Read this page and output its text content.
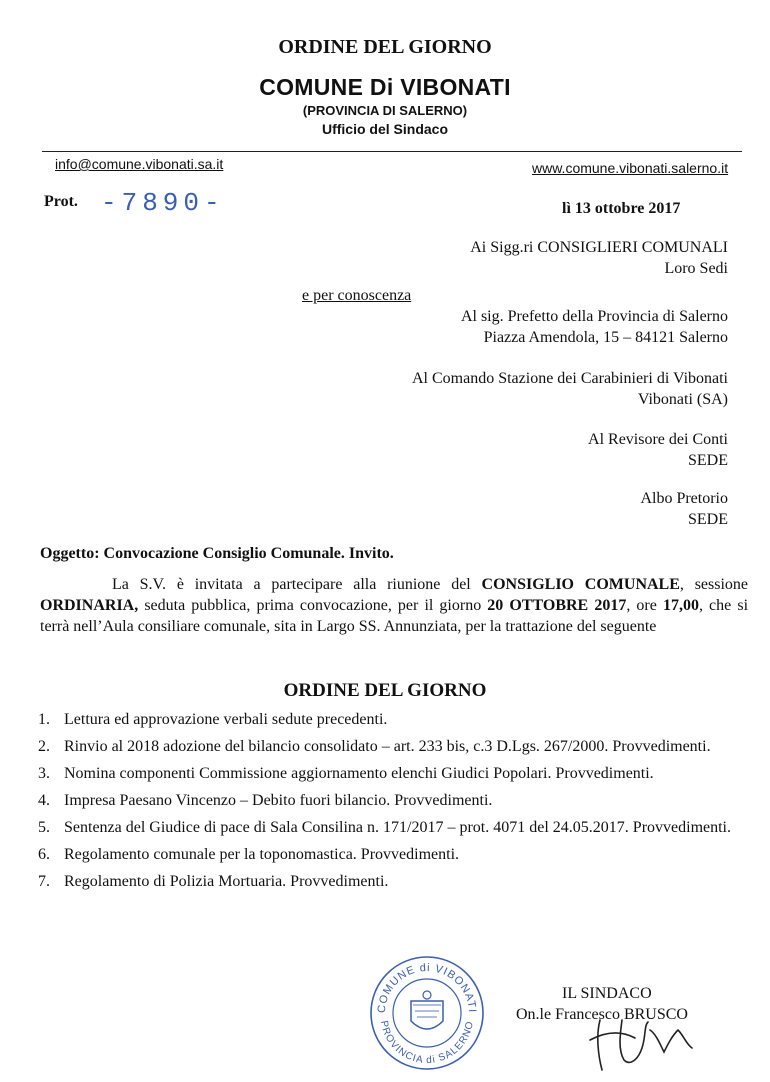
ORDINE DEL GIORNO
COMUNE Di VIBONATI
(PROVINCIA DI SALERNO)
Ufficio del Sindaco
info@comune.vibonati.sa.it	www.comune.vibonati.salerno.it
Prot. -7890-	lì 13 ottobre 2017
Ai Sigg.ri CONSIGLIERI COMUNALI
Loro Sedi
e per conoscenza
Al sig. Prefetto della Provincia di Salerno
Piazza Amendola, 15 – 84121 Salerno
Al Comando Stazione dei Carabinieri di Vibonati
Vibonati (SA)
Al Revisore dei Conti
SEDE
Albo Pretorio
SEDE
Oggetto: Convocazione Consiglio Comunale. Invito.
La S.V. è invitata a partecipare alla riunione del CONSIGLIO COMUNALE, sessione ORDINARIA, seduta pubblica, prima convocazione, per il giorno 20 OTTOBRE 2017, ore 17,00, che si terrà nell’Aula consiliare comunale, sita in Largo SS. Annunziata, per la trattazione del seguente
ORDINE DEL GIORNO
1. Lettura ed approvazione verbali sedute precedenti.
2. Rinvio al 2018 adozione del bilancio consolidato – art. 233 bis, c.3 D.Lgs. 267/2000. Provvedimenti.
3. Nomina componenti Commissione aggiornamento elenchi Giudici Popolari. Provvedimenti.
4. Impresa Paesano Vincenzo – Debito fuori bilancio. Provvedimenti.
5. Sentenza del Giudice di pace di Sala Consilina n. 171/2017 – prot. 4071 del 24.05.2017. Provvedimenti.
6. Regolamento comunale per la toponomastica. Provvedimenti.
7. Regolamento di Polizia Mortuaria. Provvedimenti.
COMUNE di VIBONATI
PROVINCIA di SALERNO
IL SINDACO
On.le Francesco BRUSCO
